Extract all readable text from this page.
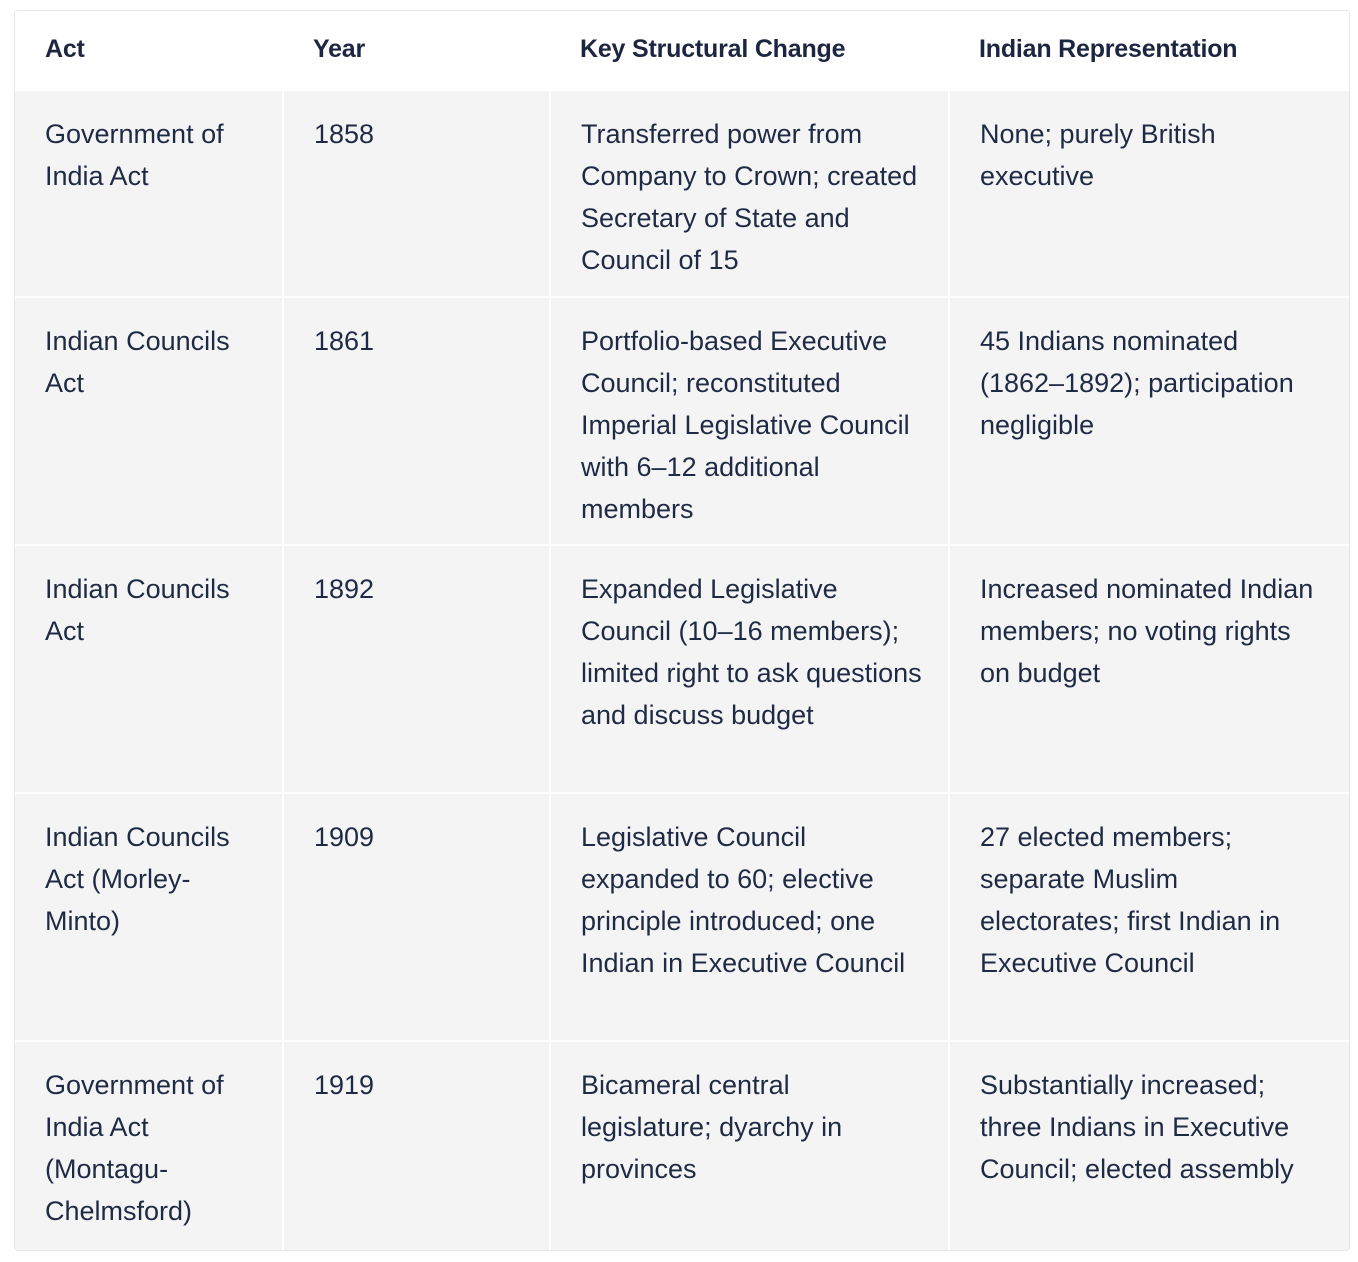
Act	Year	Key Structural Change	Indian Representation
Government of India Act	1858	Transferred power from Company to Crown; created Secretary of State and Council of 15	None; purely British executive
Indian Councils Act	1861	Portfolio-based Executive Council; reconstituted Imperial Legislative Council with 6–12 additional members	45 Indians nominated (1862–1892); participation negligible
Indian Councils Act	1892	Expanded Legislative Council (10–16 members); limited right to ask questions and discuss budget	Increased nominated Indian members; no voting rights on budget
Indian Councils Act (Morley-Minto)	1909	Legislative Council expanded to 60; elective principle introduced; one Indian in Executive Council	27 elected members; separate Muslim electorates; first Indian in Executive Council
Government of India Act (Montagu-Chelmsford)	1919	Bicameral central legislature; dyarchy in provinces	Substantially increased; three Indians in Executive Council; elected assembly
